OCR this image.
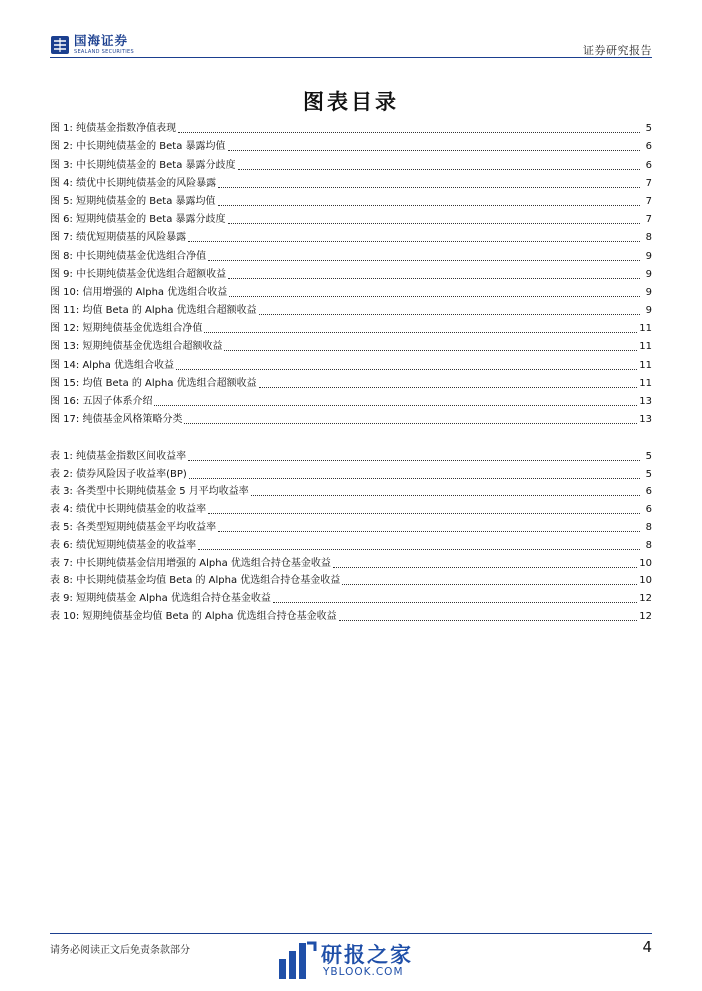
国海证券
SEALAND SECURITIES	证券研究报告
图表目录
图 1: 纯债基金指数净值表现	5
图 2: 中长期纯债基金的 Beta 暴露均值	6
图 3: 中长期纯债基金的 Beta 暴露分歧度	6
图 4: 绩优中长期纯债基金的风险暴露	7
图 5: 短期纯债基金的 Beta 暴露均值	7
图 6: 短期纯债基金的 Beta 暴露分歧度	7
图 7: 绩优短期债基的风险暴露	8
图 8: 中长期纯债基金优选组合净值	9
图 9: 中长期纯债基金优选组合超额收益	9
图 10: 信用增强的 Alpha 优选组合收益	9
图 11: 均值 Beta 的 Alpha 优选组合超额收益	9
图 12: 短期纯债基金优选组合净值	11
图 13: 短期纯债基金优选组合超额收益	11
图 14: Alpha 优选组合收益	11
图 15: 均值 Beta 的 Alpha 优选组合超额收益	11
图 16: 五因子体系介绍	13
图 17: 纯债基金风格策略分类	13
表 1: 纯债基金指数区间收益率	5
表 2: 债券风险因子收益率(BP)	5
表 3: 各类型中长期纯债基金 5 月平均收益率	6
表 4: 绩优中长期纯债基金的收益率	6
表 5: 各类型短期纯债基金平均收益率	8
表 6: 绩优短期纯债基金的收益率	8
表 7: 中长期纯债基金信用增强的 Alpha 优选组合持仓基金收益	10
表 8: 中长期纯债基金均值 Beta 的 Alpha 优选组合持仓基金收益	10
表 9: 短期纯债基金 Alpha 优选组合持仓基金收益	12
表 10: 短期纯债基金均值 Beta 的 Alpha 优选组合持仓基金收益	12
请务必阅读正文后免责条款部分	研报之家
YBLOOK.COM
4
